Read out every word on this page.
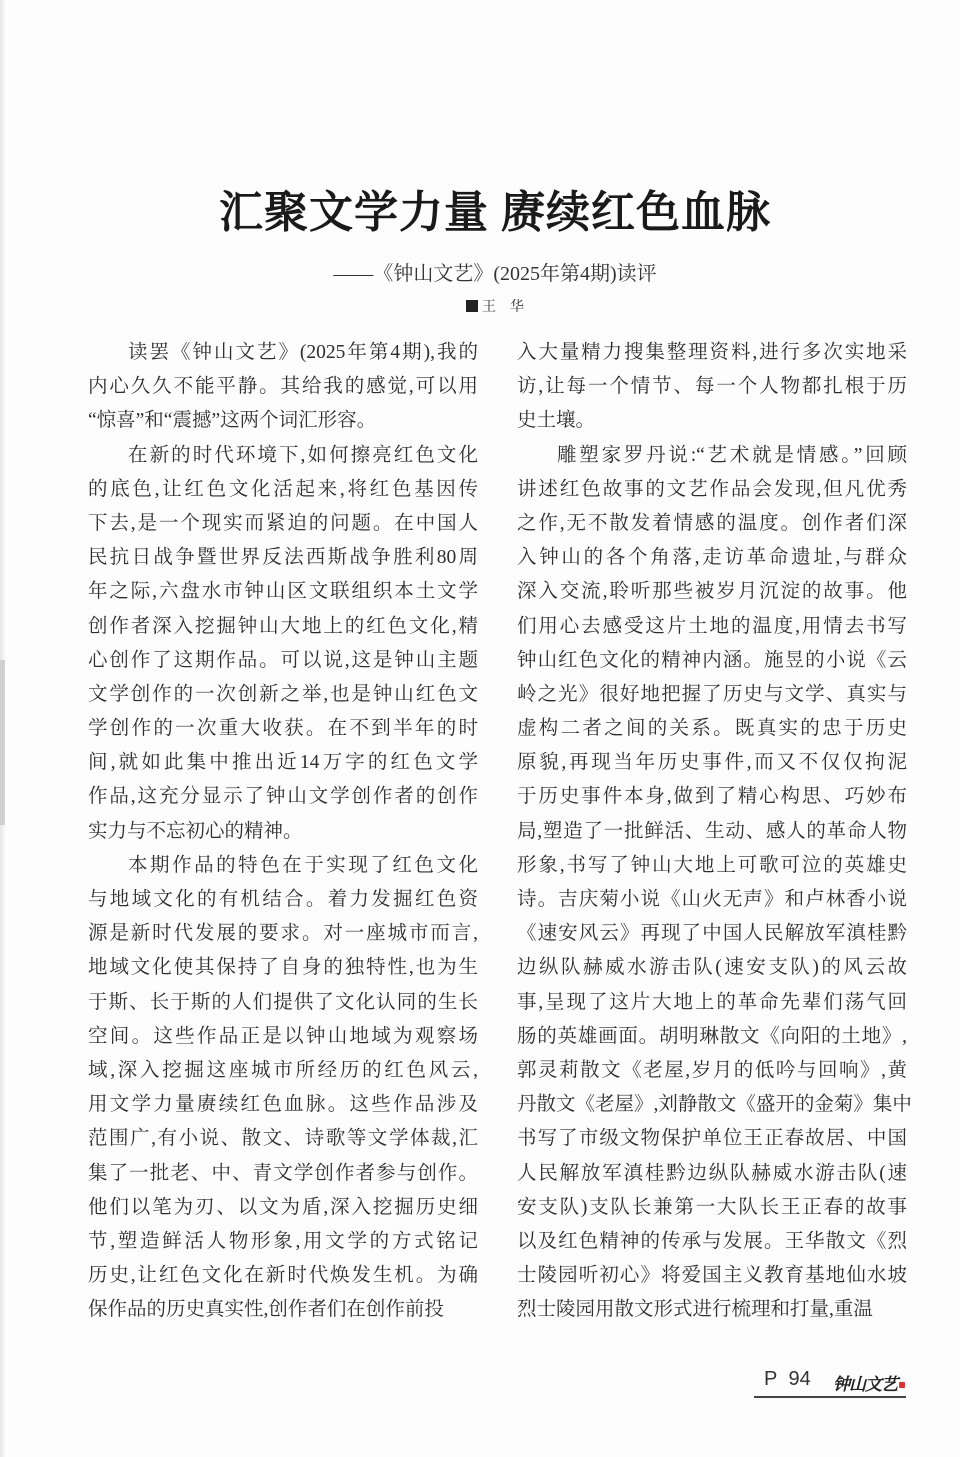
汇聚文学力量 赓续红色血脉
——《钟山文艺》(2025年第4期)读评
王　华
读罢《钟山文艺》(2025年第4期),我的
内心久久不能平静。其给我的感觉,可以用
“惊喜”和“震撼”这两个词汇形容。
在新的时代环境下,如何擦亮红色文化
的底色,让红色文化活起来,将红色基因传
下去,是一个现实而紧迫的问题。在中国人
民抗日战争暨世界反法西斯战争胜利80周
年之际,六盘水市钟山区文联组织本土文学
创作者深入挖掘钟山大地上的红色文化,精
心创作了这期作品。可以说,这是钟山主题
文学创作的一次创新之举,也是钟山红色文
学创作的一次重大收获。在不到半年的时
间,就如此集中推出近14万字的红色文学
作品,这充分显示了钟山文学创作者的创作
实力与不忘初心的精神。
本期作品的特色在于实现了红色文化
与地域文化的有机结合。着力发掘红色资
源是新时代发展的要求。对一座城市而言,
地域文化使其保持了自身的独特性,也为生
于斯、长于斯的人们提供了文化认同的生长
空间。这些作品正是以钟山地域为观察场
域,深入挖掘这座城市所经历的红色风云,
用文学力量赓续红色血脉。这些作品涉及
范围广,有小说、散文、诗歌等文学体裁,汇
集了一批老、中、青文学创作者参与创作。
他们以笔为刃、以文为盾,深入挖掘历史细
节,塑造鲜活人物形象,用文学的方式铭记
历史,让红色文化在新时代焕发生机。为确
保作品的历史真实性,创作者们在创作前投
入大量精力搜集整理资料,进行多次实地采
访,让每一个情节、每一个人物都扎根于历
史土壤。
雕塑家罗丹说:“艺术就是情感。”回顾
讲述红色故事的文艺作品会发现,但凡优秀
之作,无不散发着情感的温度。创作者们深
入钟山的各个角落,走访革命遗址,与群众
深入交流,聆听那些被岁月沉淀的故事。他
们用心去感受这片土地的温度,用情去书写
钟山红色文化的精神内涵。施昱的小说《云
岭之光》很好地把握了历史与文学、真实与
虚构二者之间的关系。既真实的忠于历史
原貌,再现当年历史事件,而又不仅仅拘泥
于历史事件本身,做到了精心构思、巧妙布
局,塑造了一批鲜活、生动、感人的革命人物
形象,书写了钟山大地上可歌可泣的英雄史
诗。吉庆菊小说《山火无声》和卢林香小说
《速安风云》再现了中国人民解放军滇桂黔
边纵队赫威水游击队(速安支队)的风云故
事,呈现了这片大地上的革命先辈们荡气回
肠的英雄画面。胡明琳散文《向阳的土地》,
郭灵莉散文《老屋,岁月的低吟与回响》,黄
丹散文《老屋》,刘静散文《盛开的金菊》集中
书写了市级文物保护单位王正春故居、中国
人民解放军滇桂黔边纵队赫威水游击队(速
安支队)支队长兼第一大队长王正春的故事
以及红色精神的传承与发展。王华散文《烈
士陵园听初心》将爱国主义教育基地仙水坡
烈士陵园用散文形式进行梳理和打量,重温
P 94 钟山文艺
